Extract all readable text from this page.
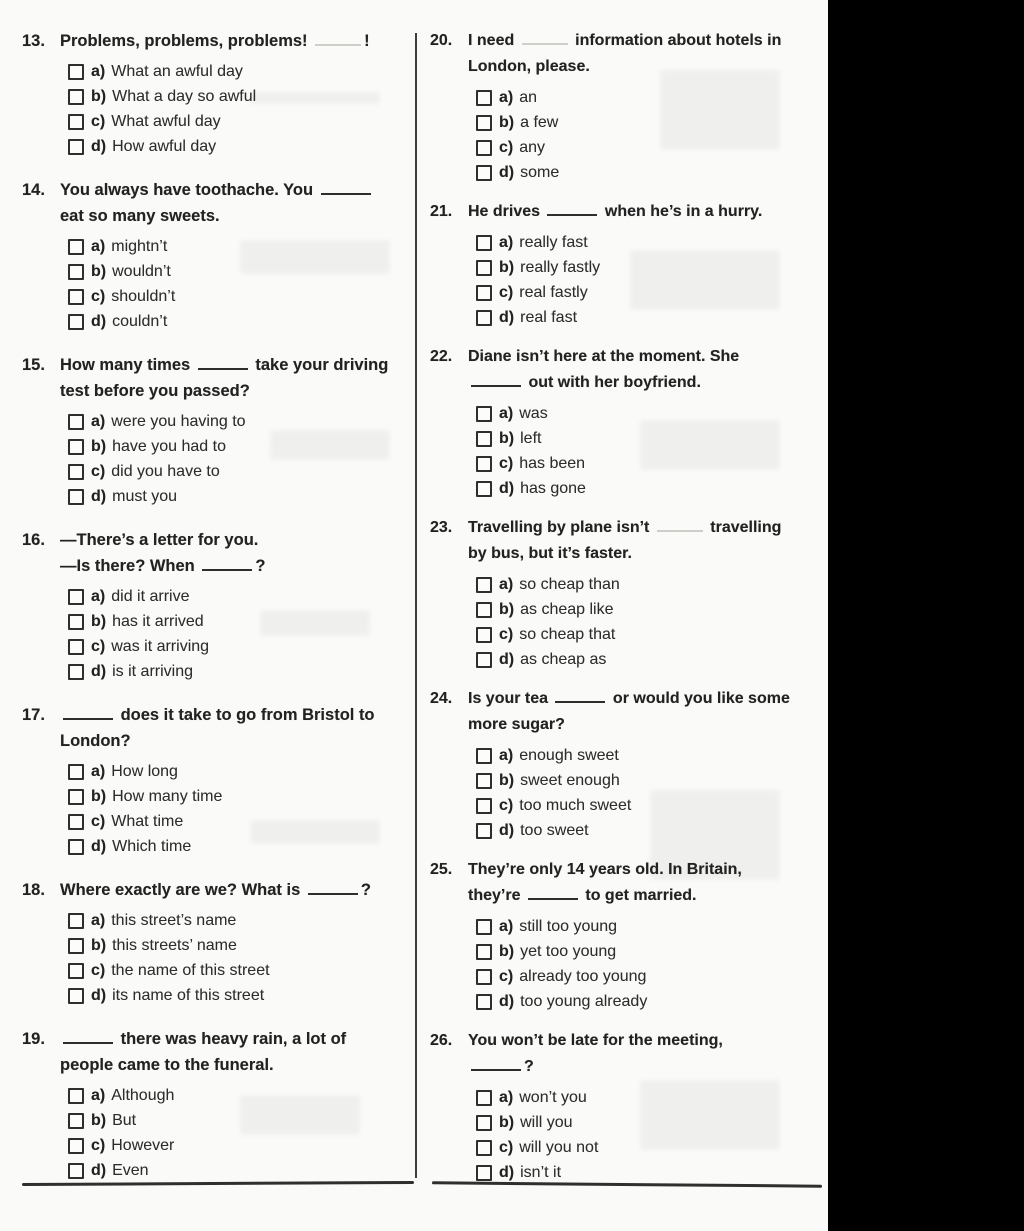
13. Problems, problems, problems!	!
a) What an awful day
b) What a day so awful
c) What awful day
d) How awful day
14. You always have toothache. You
eat so many sweets.
a) mightn’t
b) wouldn’t
c) shouldn’t
d) couldn’t
15. How many times	take your driving
test before you passed?
a) were you having to
b) have you had to
c) did you have to
d) must you
16. —There’s a letter for you.
—Is there? When	?
a) did it arrive
b) has it arrived
c) was it arriving
d) is it arriving
17.	does it take to go from Bristol to
London?
a) How long
b) How many time
c) What time
d) Which time
18. Where exactly are we? What is	?
a) this street’s name
b) this streets’ name
c) the name of this street
d) its name of this street
19.	there was heavy rain, a lot of
people came to the funeral.
a) Although
b) But
c) However
d) Even
20. I need	information about hotels in
London, please.
a) an
b) a few
c) any
d) some
21. He drives	when he’s in a hurry.
a) really fast
b) really fastly
c) real fastly
d) real fast
22. Diane isn’t here at the moment. She
out with her boyfriend.
a) was
b) left
c) has been
d) has gone
23. Travelling by plane isn’t	travelling
by bus, but it’s faster.
a) so cheap than
b) as cheap like
c) so cheap that
d) as cheap as
24. Is your tea	or would you like some
more sugar?
a) enough sweet
b) sweet enough
c) too much sweet
d) too sweet
25. They’re only 14 years old. In Britain,
they’re	to get married.
a) still too young
b) yet too young
c) already too young
d) too young already
26. You won’t be late for the meeting,
?
a) won’t you
b) will you
c) will you not
d) isn’t it
